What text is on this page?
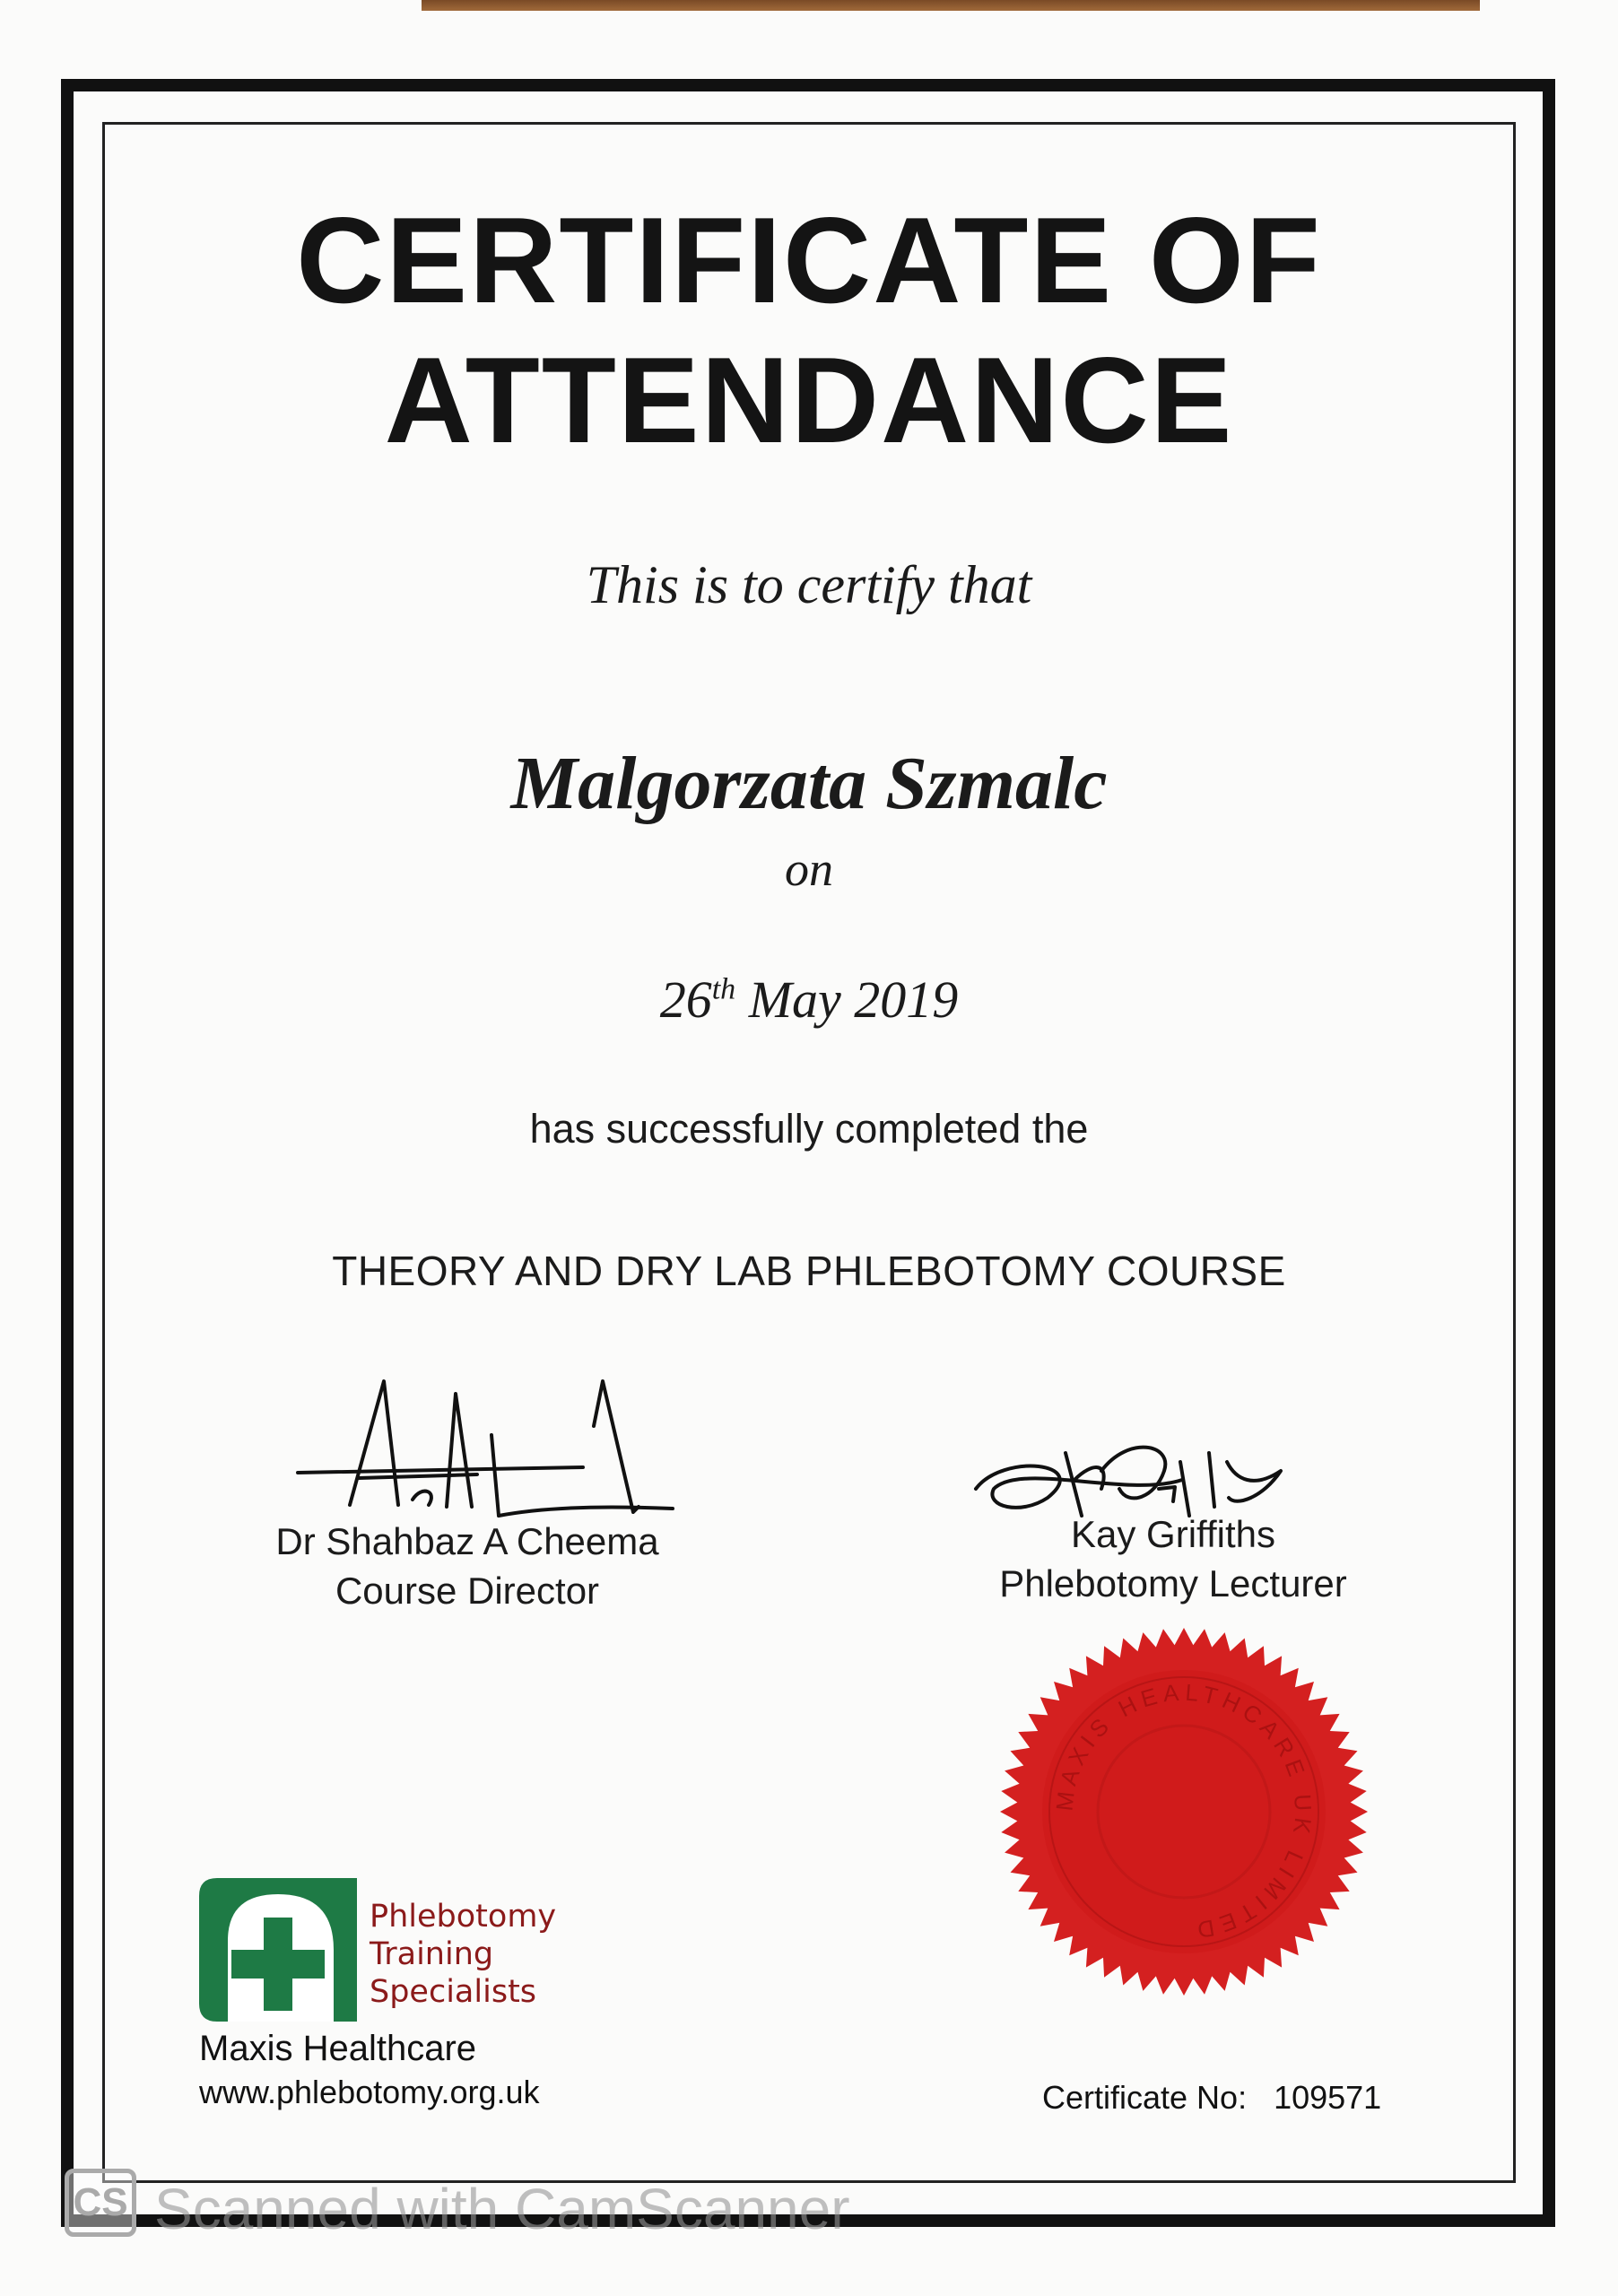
CERTIFICATE OF
ATTENDANCE
This is to certify that
Malgorzata Szmalc
on
26th May 2019
has successfully completed the
THEORY AND DRY LAB PHLEBOTOMY COURSE
Dr Shahbaz A Cheema
Course Director
Kay Griffiths
Phlebotomy Lecturer
MAXIS HEALTHCARE UK LIMITED
Phlebotomy
Training
Specialists
Maxis Healthcare
www.phlebotomy.org.uk	Certificate No: 109571
CS Scanned with CamScanner
